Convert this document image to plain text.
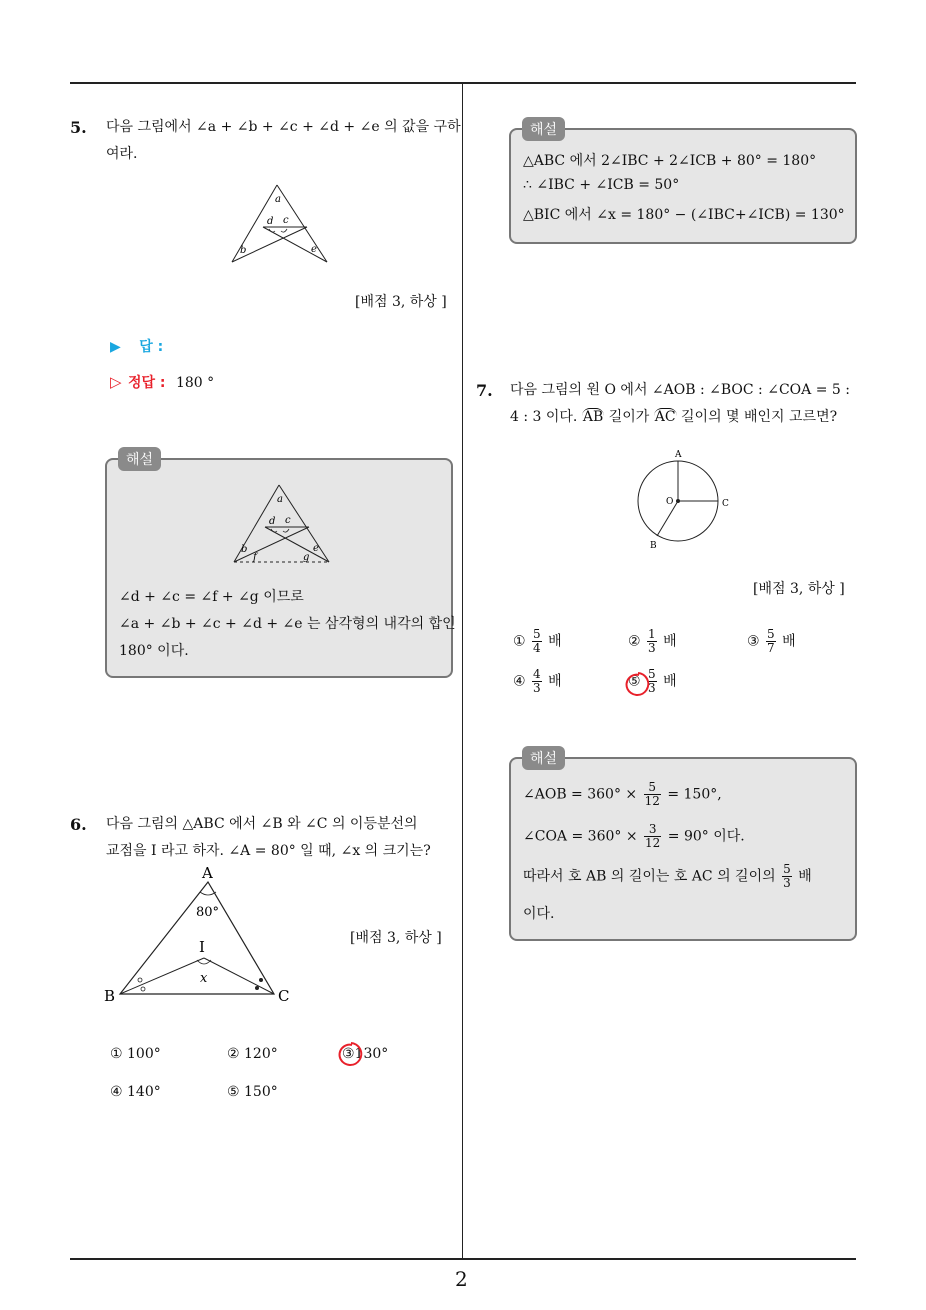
2
5. 다음 그림에서 ∠a + ∠b + ∠c + ∠d + ∠e 의 값을 구하
여라.
a
d c
b	e
[배점 3, 하상 ]
▶ 답 :
▷ 정답 : 180 °
a
d c
b
f	g
e
∠d + ∠c = ∠f + ∠g 이므로
∠a + ∠b + ∠c + ∠d + ∠e 는 삼각형의 내각의 합인
180° 이다.
해설
6. 다음 그림의 △ABC 에서 ∠B 와 ∠C 의 이등분선의
교점을 I 라고 하자. ∠A = 80° 일 때, ∠x 의 크기는?
A
80°
I
x
B	C
[배점 3, 하상 ]
① 100°	② 120°	③130°
④ 140°	⑤ 150°
△ABC 에서 2∠IBC + 2∠ICB + 80° = 180°
∴ ∠IBC + ∠ICB = 50°
△BIC 에서 ∠x = 180° − (∠IBC+∠ICB) = 130°
해설
7. 다음 그림의 원 O 에서 ∠AOB : ∠BOC : ∠COA = 5 :
4 : 3 이다. AB 길이가 AC 길이의 몇 배인지 고르면?
A
O	C
B
[배점 3, 하상 ]
① $\frac{5}{4}$ 배	② $\frac{1}{3}$ 배	③ $\frac{5}{7}$ 배
④ $\frac{4}{3}$ 배	⑤ $\frac{5}{3}$ 배
∠AOB = $360^\circ \times \frac{5}{12} = 150^\circ$,
∠COA = $360^\circ \times \frac{3}{12} = 90^\circ$ 이다.
따라서 호 AB 의 길이는 호 AC 의 길이의 $\frac{5}{3}$ 배
이다.
해설
